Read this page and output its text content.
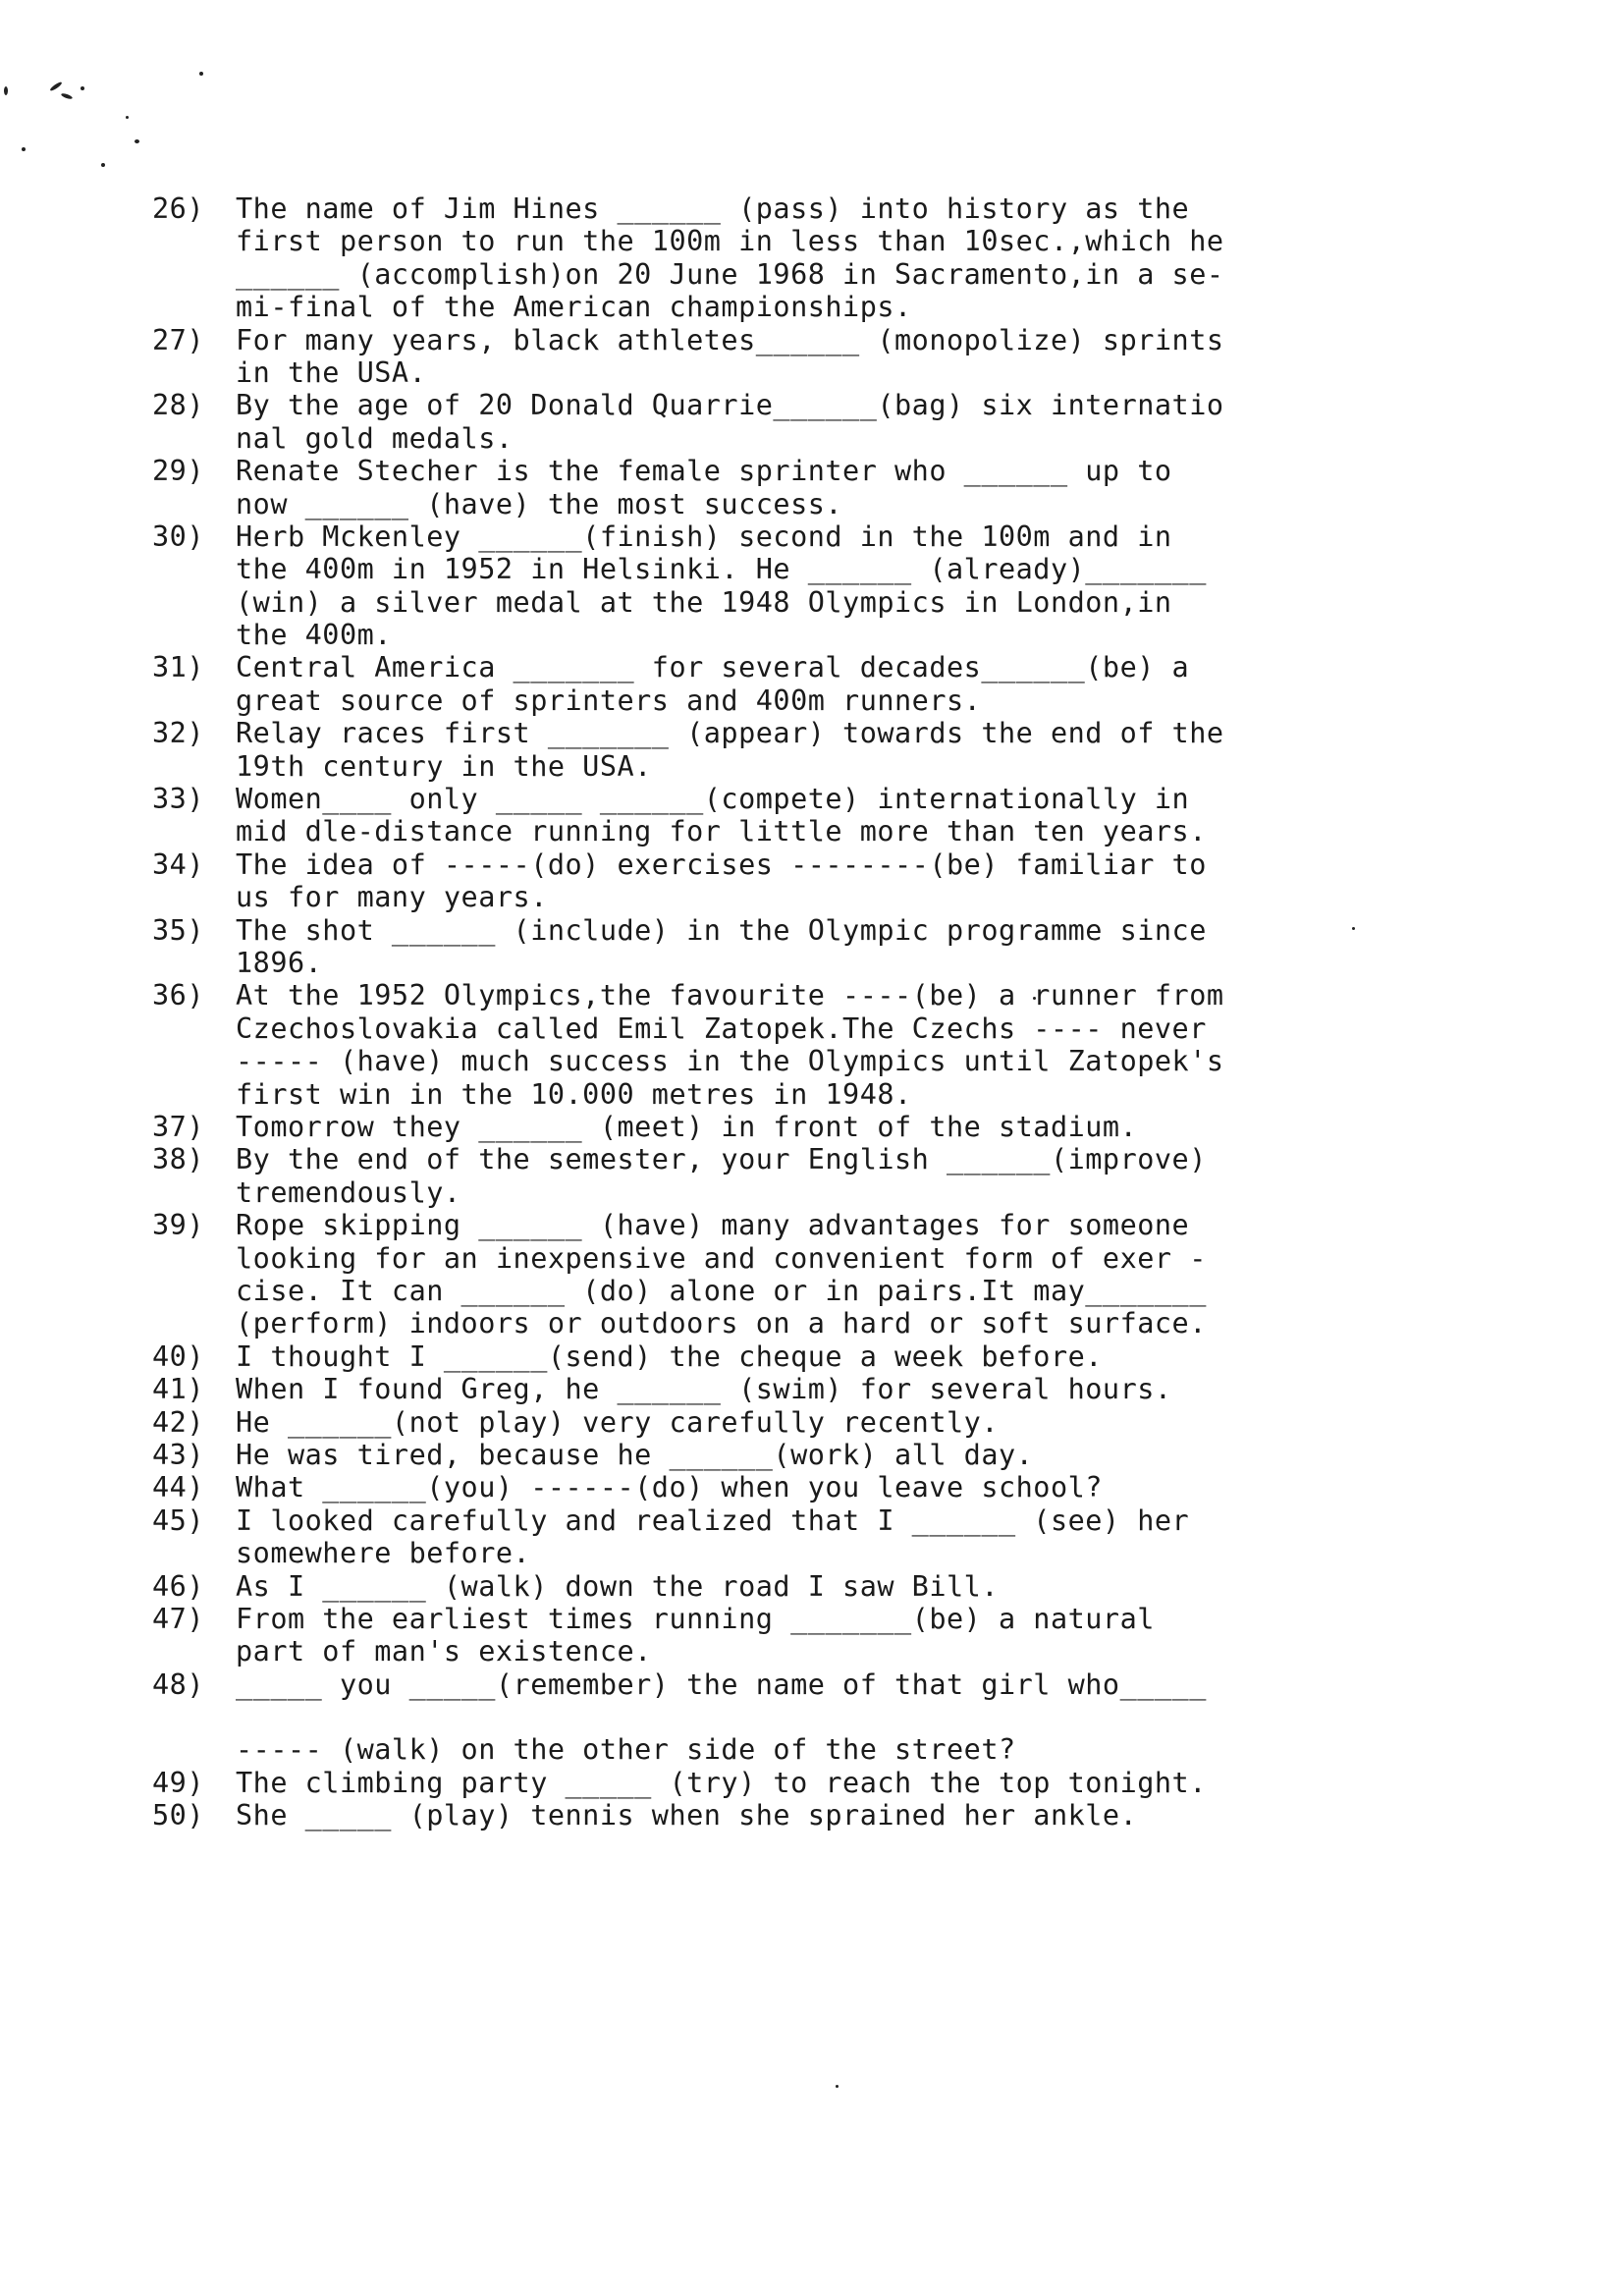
26)	The name of Jim Hines ______ (pass) into history as the
first person to run the 100m in less than 10sec.,which he
______ (accomplish)on 20 June 1968 in Sacramento,in a se-
mi-final of the American championships.
27)	For many years, black athletes______ (monopolize) sprints
in the USA.
28)	By the age of 20 Donald Quarrie______(bag) six internatio
nal gold medals.
29)	Renate Stecher is the female sprinter who ______ up to
now ______ (have) the most success.
30)	Herb Mckenley ______(finish) second in the 100m and in
the 400m in 1952 in Helsinki. He ______ (already)_______
(win) a silver medal at the 1948 Olympics in London,in
the 400m.
31)	Central America _______ for several decades______(be) a
great source of sprinters and 400m runners.
32)	Relay races first _______ (appear) towards the end of the
19th century in the USA.
33)	Women____ only _____ ______(compete) internationally in
mid dle-distance running for little more than ten years.
34)	The idea of -----(do) exercises --------(be) familiar to
us for many years.
35)	The shot ______ (include) in the Olympic programme since
1896.
36)	At the 1952 Olympics,the favourite ----(be) a runner from
Czechoslovakia called Emil Zatopek.The Czechs ---- never
----- (have) much success in the Olympics until Zatopek's
first win in the 10.000 metres in 1948.
37)	Tomorrow they ______ (meet) in front of the stadium.
38)	By the end of the semester, your English ______(improve)
tremendously.
39)	Rope skipping ______ (have) many advantages for someone
looking for an inexpensive and convenient form of exer -
cise. It can ______ (do) alone or in pairs.It may_______
(perform) indoors or outdoors on a hard or soft surface.
40)	I thought I ______(send) the cheque a week before.
41)	When I found Greg, he ______ (swim) for several hours.
42)	He ______(not play) very carefully recently.
43)	He was tired, because he ______(work) all day.
44)	What ______(you) ------(do) when you leave school?
45)	I looked carefully and realized that I ______ (see) her
somewhere before.
46)	As I ______ (walk) down the road I saw Bill.
47)	From the earliest times running _______(be) a natural
part of man's existence.
48)	_____ you _____(remember) the name of that girl who_____
----- (walk) on the other side of the street?
49)	The climbing party _____ (try) to reach the top tonight.
50)	She _____ (play) tennis when she sprained her ankle.
